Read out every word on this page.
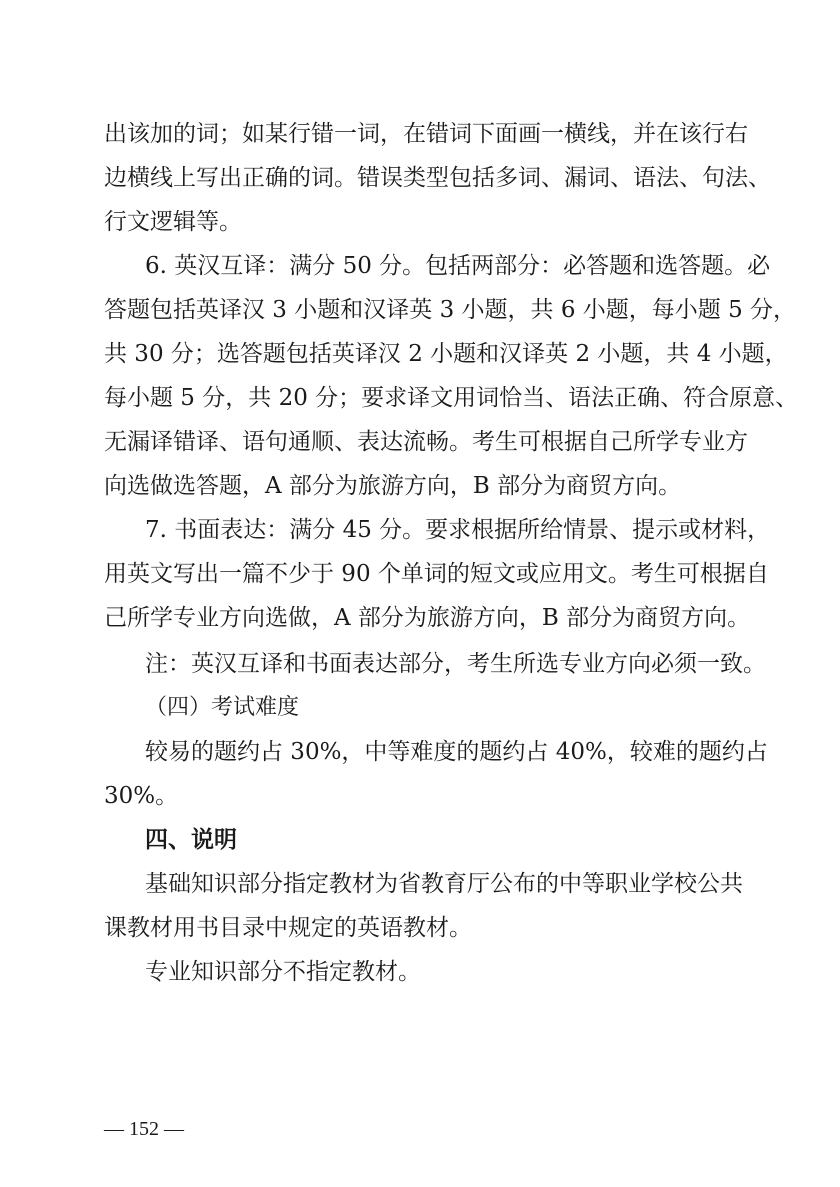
出该加的词；如某行错一词，在错词下面画一横线，并在该行右

边横线上写出正确的词。错误类型包括多词、漏词、语法、句法、

行文逻辑等。

6. 英汉互译：满分 50 分。包括两部分：必答题和选答题。必

答题包括英译汉 3 小题和汉译英 3 小题，共 6 小题，每小题 5 分，

共 30 分；选答题包括英译汉 2 小题和汉译英 2 小题，共 4 小题，

每小题 5 分，共 20 分；要求译文用词恰当、语法正确、符合原意、

无漏译错译、语句通顺、表达流畅。考生可根据自己所学专业方

向选做选答题，A 部分为旅游方向，B 部分为商贸方向。

7. 书面表达：满分 45 分。要求根据所给情景、提示或材料，

用英文写出一篇不少于 90 个单词的短文或应用文。考生可根据自

己所学专业方向选做，A 部分为旅游方向，B 部分为商贸方向。

注：英汉互译和书面表达部分，考生所选专业方向必须一致。

（四）考试难度

较易的题约占 30%，中等难度的题约占 40%，较难的题约占

30%。

四、说明

基础知识部分指定教材为省教育厅公布的中等职业学校公共

课教材用书目录中规定的英语教材。

专业知识部分不指定教材。

— 152 —
